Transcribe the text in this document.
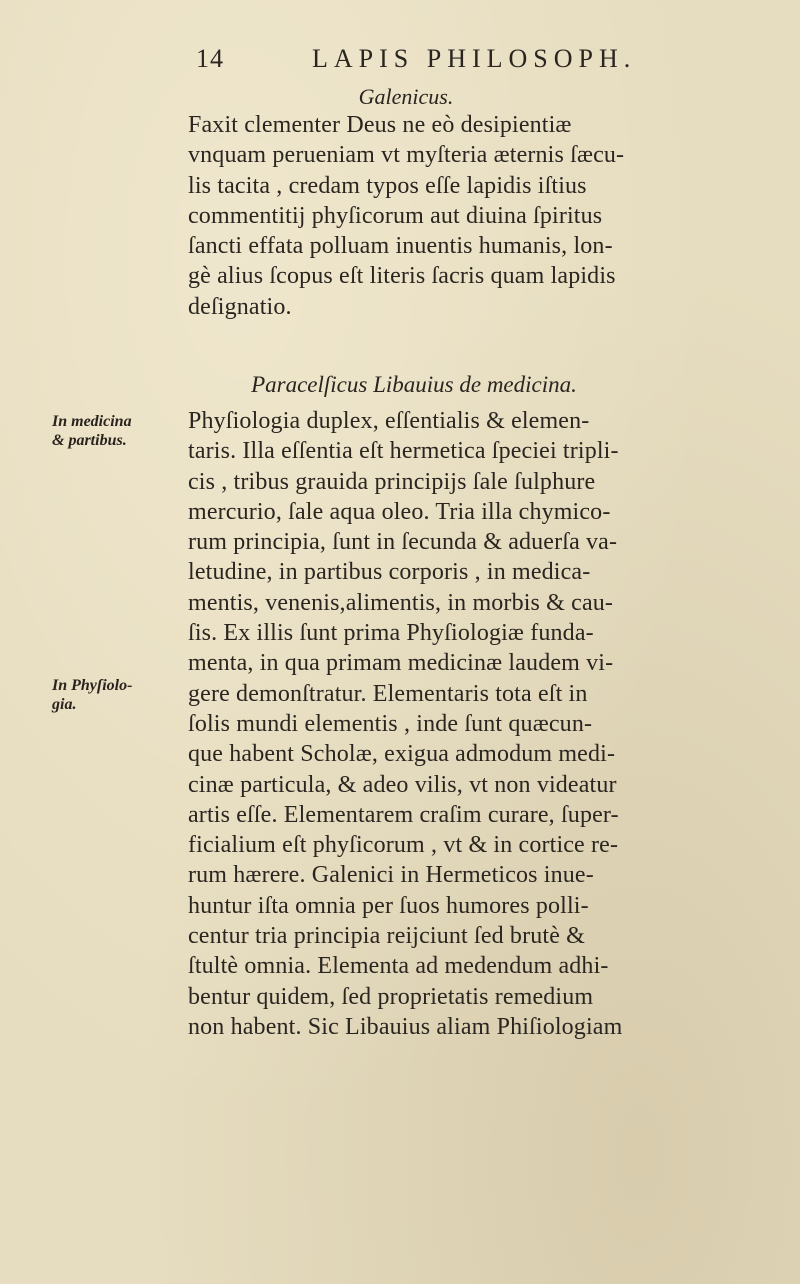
14	LAPIS PHILOSOPH.
Galenicus.
Faxit clementer Deus ne eò desipientiæ
vnquam perueniam vt myſteria æternis ſæcu-
lis tacita , credam typos eſſe lapidis iſtius
commentitij phyſicorum aut diuina ſpiritus
ſancti effata polluam inuentis humanis, lon-
gè alius ſcopus eſt literis ſacris quam lapidis
deſignatio.
Paracelſicus Libauius de medicina.
In medicina
& partibus.
In Phyſiolo-
gia.
Phyſiologia duplex, eſſentialis & elemen-
taris. Illa eſſentia eſt hermetica ſpeciei tripli-
cis , tribus grauida principijs ſale ſulphure
mercurio, ſale aqua oleo. Tria illa chymico-
rum principia, ſunt in ſecunda & aduerſa va-
letudine, in partibus corporis , in medica-
mentis, venenis,alimentis, in morbis & cau-
ſis. Ex illis ſunt prima Phyſiologiæ funda-
menta, in qua primam medicinæ laudem vi-
gere demonſtratur. Elementaris tota eſt in
ſolis mundi elementis , inde ſunt quæcun-
que habent Scholæ, exigua admodum medi-
cinæ particula, & adeo vilis, vt non videatur
artis eſſe. Elementarem craſim curare, ſuper-
ficialium eſt phyſicorum , vt & in cortice re-
rum hærere. Galenici in Hermeticos inue-
huntur iſta omnia per ſuos humores polli-
centur tria principia reijciunt ſed brutè &
ſtultè omnia. Elementa ad medendum adhi-
bentur quidem, ſed proprietatis remedium
non habent. Sic Libauius aliam Phiſiologiam
